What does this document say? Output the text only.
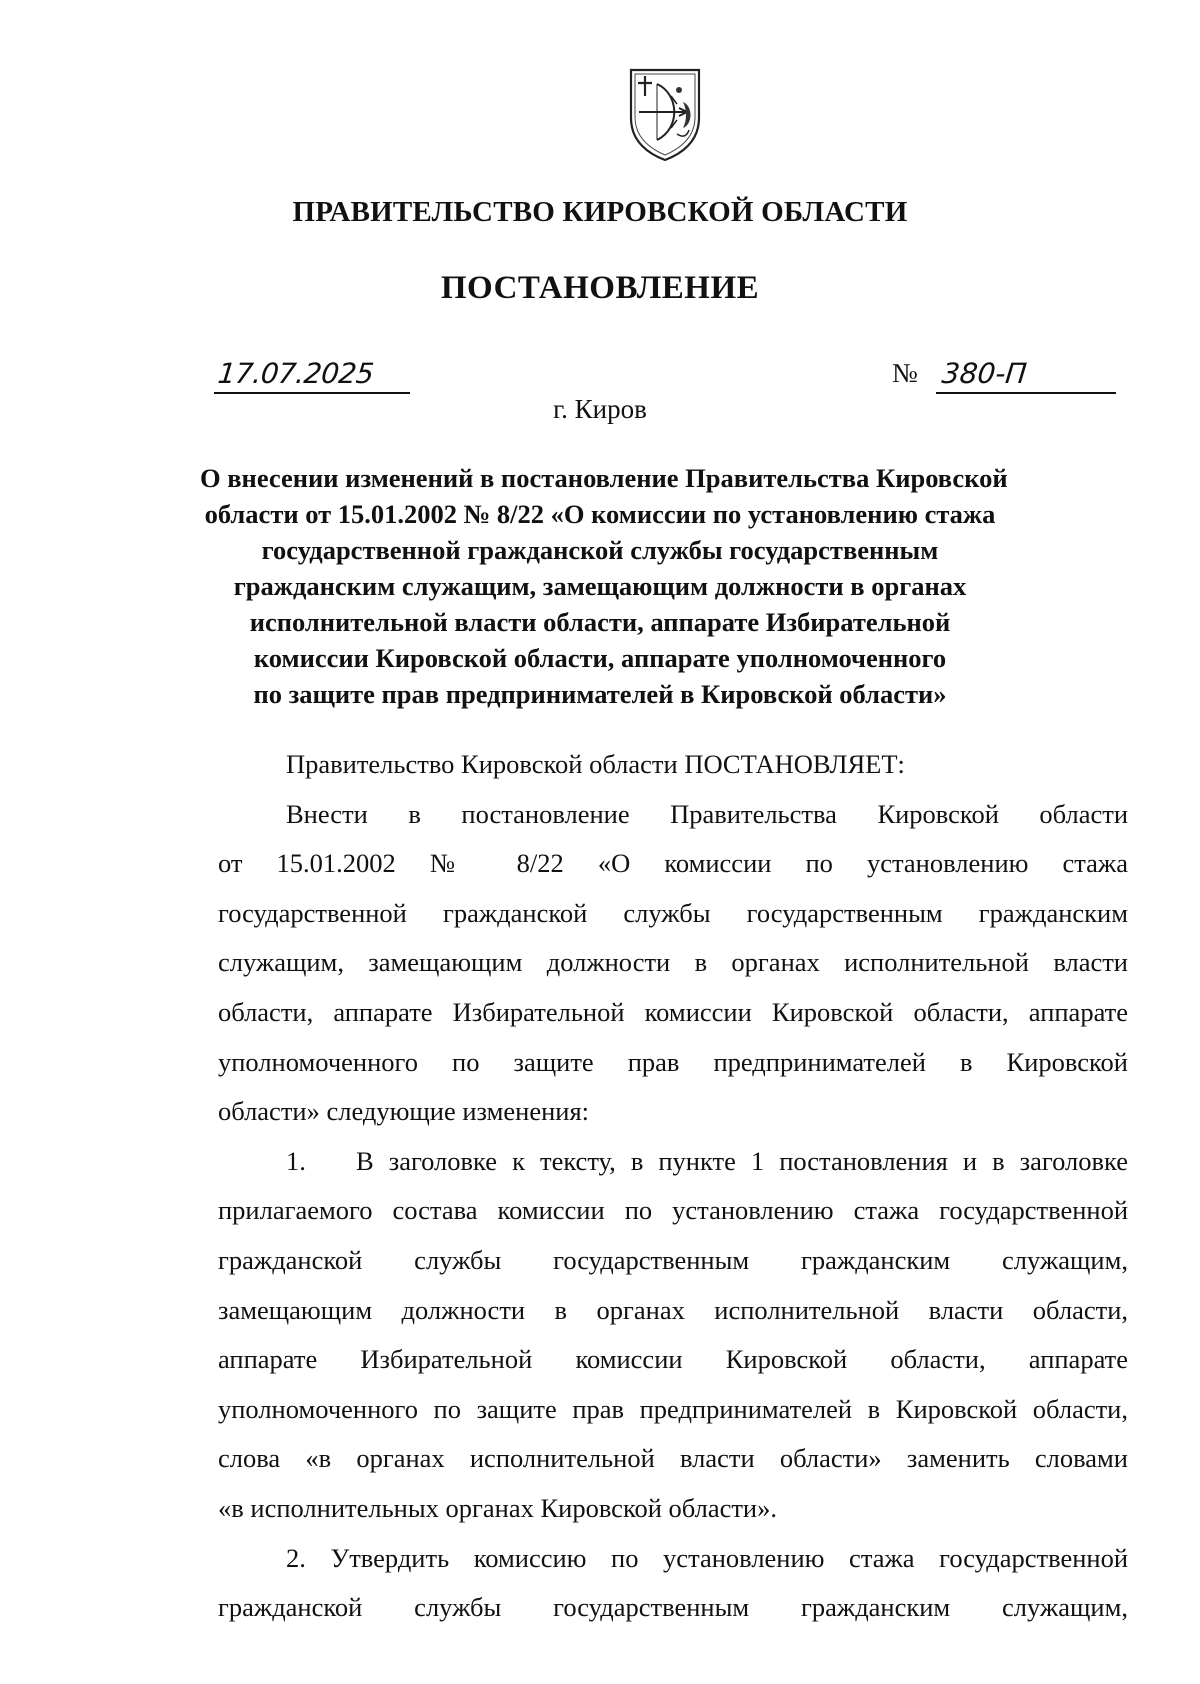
ПРАВИТЕЛЬСТВО КИРОВСКОЙ ОБЛАСТИ
ПОСТАНОВЛЕНИЕ
17.07.2025	№ 380-П
г. Киров
О внесении изменений в постановление Правительства Кировской
области от 15.01.2002 № 8/22 «О комиссии по установлению стажа
государственной гражданской службы государственным
гражданским служащим, замещающим должности в органах
исполнительной власти области, аппарате Избирательной
комиссии Кировской области, аппарате уполномоченного
по защите прав предпринимателей в Кировской области»

Правительство Кировской области ПОСТАНОВЛЯЕТ:

Внести в постановление Правительства Кировской области
от 15.01.2002 № 8/22 «О комиссии по установлению стажа
государственной гражданской службы государственным гражданским
служащим, замещающим должности в органах исполнительной власти
области, аппарате Избирательной комиссии Кировской области, аппарате
уполномоченного по защите прав предпринимателей в Кировской
области» следующие изменения:
1. В заголовке к тексту, в пункте 1 постановления и в заголовке
прилагаемого состава комиссии по установлению стажа государственной
гражданской службы государственным гражданским служащим,
замещающим должности в органах исполнительной власти области,
аппарате Избирательной комиссии Кировской области, аппарате
уполномоченного по защите прав предпринимателей в Кировской области,
слова «в органах исполнительной власти области» заменить словами
«в исполнительных органах Кировской области».
2. Утвердить комиссию по установлению стажа государственной
гражданской службы государственным гражданским служащим,
